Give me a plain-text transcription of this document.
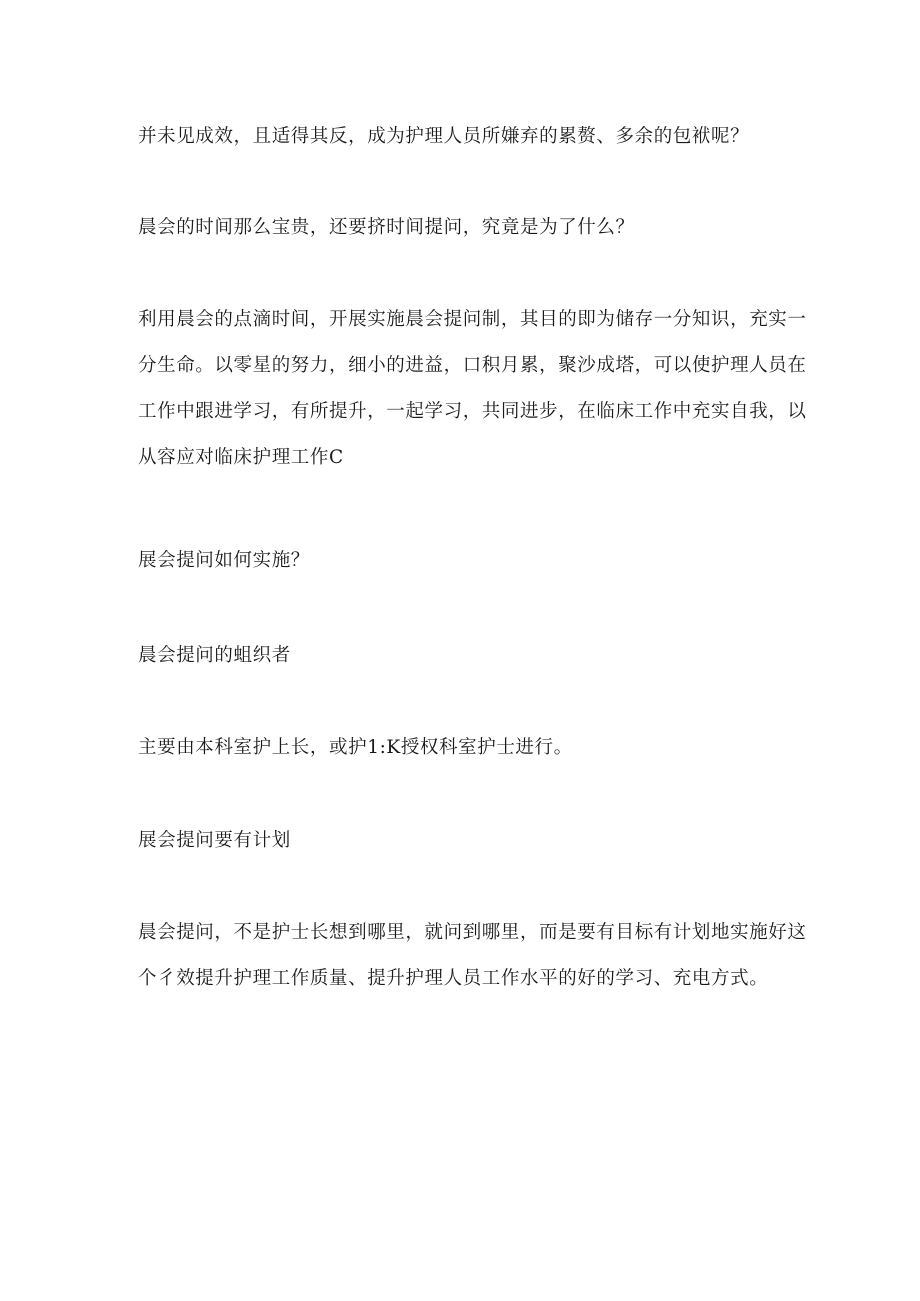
并未见成效，且适得其反，成为护理人员所嫌弃的累赘、多余的包袱呢？

晨会的时间那么宝贵，还要挤时间提问，究竟是为了什么？

利用晨会的点滴时间，开展实施晨会提问制，其目的即为储存一分知识，充实一
分生命。以零星的努力，细小的进益，口积月累，聚沙成塔，可以使护理人员在
工作中跟进学习，有所提升，一起学习，共同进步，在临床工作中充实自我，以
从容应对临床护理工作C

展会提问如何实施？

晨会提问的蛆织者

主要由本科室护上长，或护1:K授权科室护士进行。

展会提问要有计划

晨会提问，不是护士长想到哪里，就问到哪里，而是要有目标有计划地实施好这
个彳效提升护理工作质量、提升护理人员工作水平的好的学习、充电方式。
